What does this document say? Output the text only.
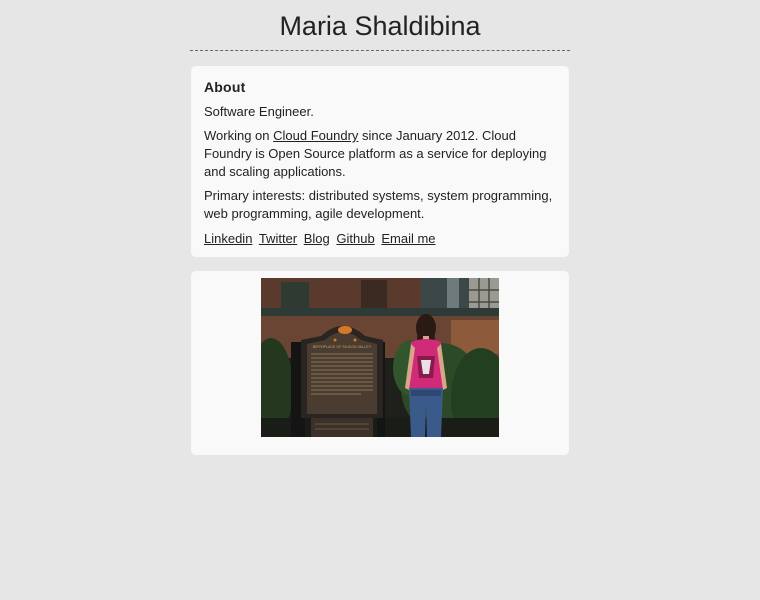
Maria Shaldibina
About

Software Engineer.

Working on Cloud Foundry since January 2012. Cloud Foundry is Open Source platform as a service for deploying and scaling applications.

Primary interests: distributed systems, system programming, web programming, agile development.

Linkedin Twitter Blog Github Email me
BIRTHPLACE OF SILICON VALLEY
